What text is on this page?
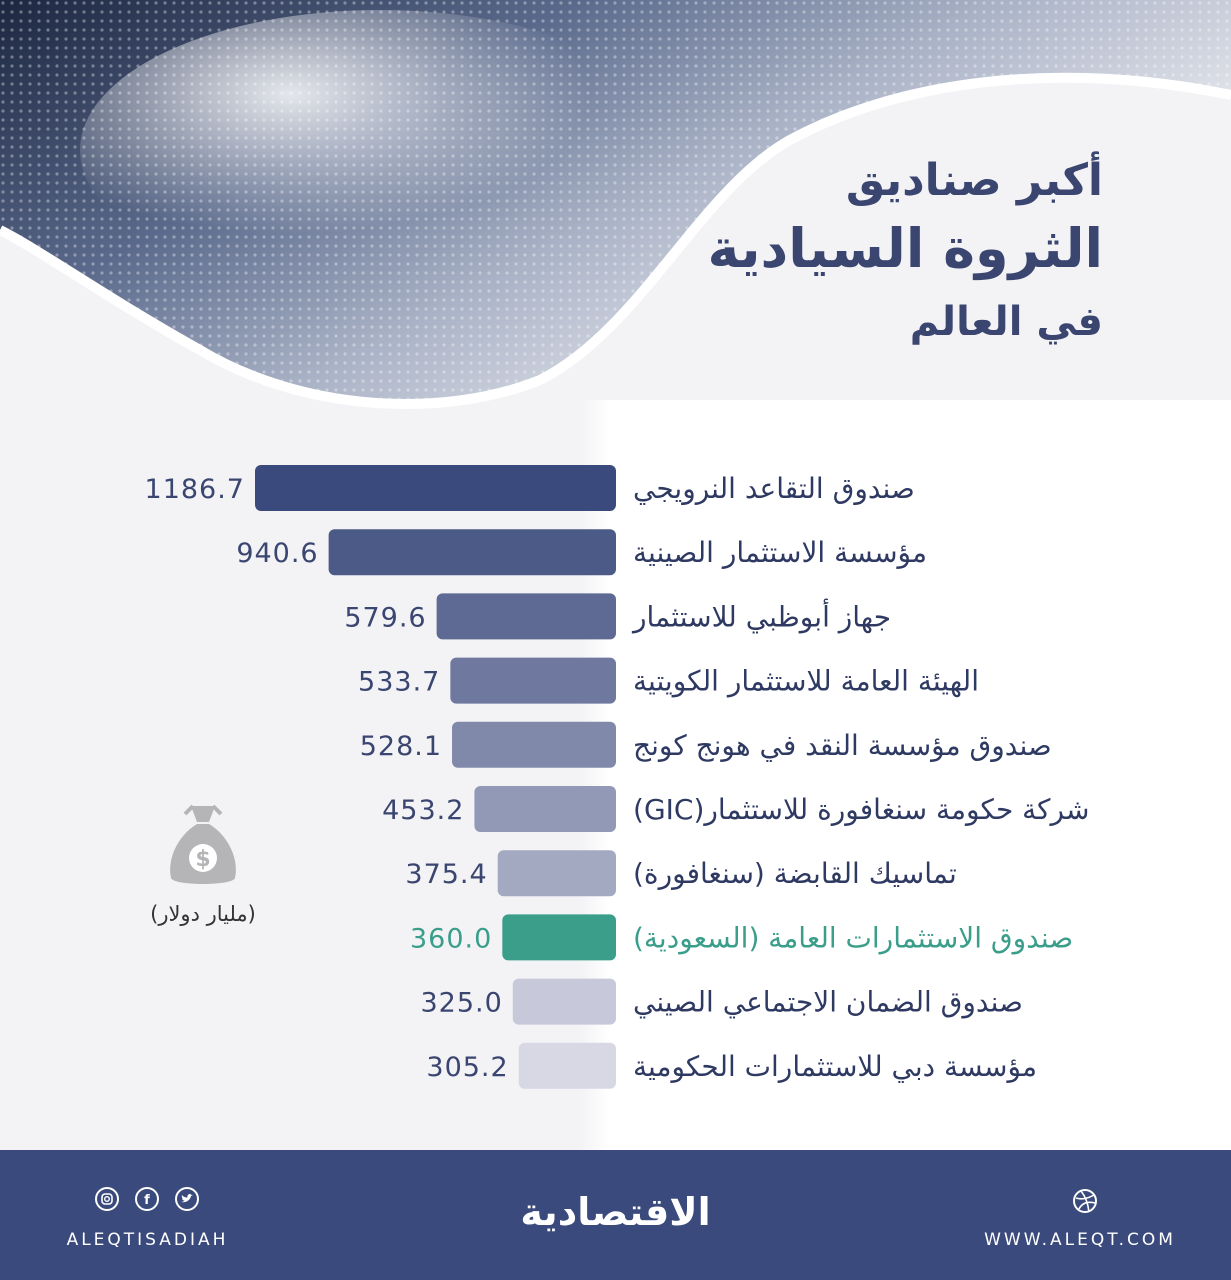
أكبر صناديق
الثروة السيادية
في العالم
1186.7	صندوق التقاعد النرويجي
940.6	مؤسسة الاستثمار الصينية
579.6	جهاز أبوظبي للاستثمار
533.7	الهيئة العامة للاستثمار الكويتية
528.1	صندوق مؤسسة النقد في هونج كونج
453.2	شركة حكومة سنغافورة للاستثمار(GIC)
375.4	تماسيك القابضة (سنغافورة)
360.0	صندوق الاستثمارات العامة (السعودية)
325.0	صندوق الضمان الاجتماعي الصيني
305.2	مؤسسة دبي للاستثمارات الحكومية
$
(مليار دولار)
f
ALEQTISADIAH
الاقتصادية
WWW.ALEQT.COM
